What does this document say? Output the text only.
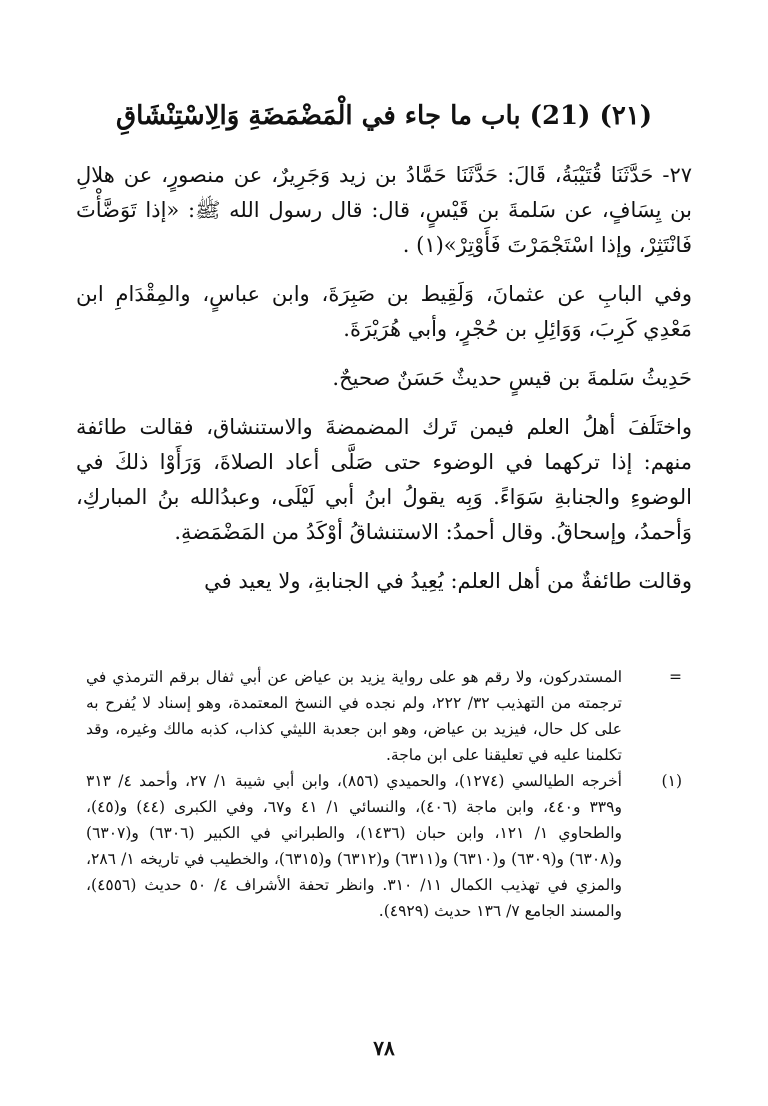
(٢١) (21) باب ما جاء في الْمَضْمَضَةِ وَالِاسْتِنْشَاقِ

٢٧- حَدَّثَنَا قُتَيْبَةُ، قَالَ: حَدَّثَنَا حَمَّادُ بن زيد وَجَرِيرٌ، عن منصورٍ، عن هلالِ بن يِسَافٍ، عن سَلمةَ بن قَيْسٍ، قال: قال رسول الله ﷺ: «إذا تَوَضَّأْتَ فَانْتَثِرْ، وإذا اسْتَجْمَرْتَ فَأَوْتِرْ»(١) .

وفي البابِ عن عثمانَ، وَلَقِيط بن صَبِرَةَ، وابن عباسٍ، والمِقْدَامِ ابن مَعْدِي كَرِبَ، وَوَائِلِ بن حُجْرٍ، وأبي هُرَيْرَةَ.

حَدِيثُ سَلمةَ بن قيسٍ حديثٌ حَسَنٌ صحيحٌ.

واختَلَفَ أهلُ العلم فيمن تَرك المضمضةَ والاستنشاق، فقالت طائفة منهم: إذا تركهما في الوضوء حتى صَلَّى أعاد الصلاةَ، وَرَأَوْا ذلكَ في الوضوءِ والجنابةِ سَوَاءً. وَبِه يقولُ ابنُ أبي لَيْلَى، وعبدُالله بنُ المباركِ، وَأحمدُ، وإسحاقُ. وقال أحمدُ: الاستنشاقُ أوْكَدُ من المَضْمَضةِ.

وقالت طائفةٌ من أهل العلم: يُعِيدُ في الجنابةِ، ولا يعيد في

=
المستدركون، ولا رقم هو على رواية يزيد بن عياض عن أبي ثفال برقم الترمذي في ترجمته من التهذيب ٣٢/ ٢٢٢، ولم نجده في النسخ المعتمدة، وهو إسناد لا يُفرح به على كل حال، فيزيد بن عياض، وهو ابن جعدبة الليثي كذاب، كذبه مالك وغيره، وقد تكلمنا عليه في تعليقنا على ابن ماجة.
(١)
أخرجه الطيالسي (١٢٧٤)، والحميدي (٨٥٦)، وابن أبي شيبة ١/ ٢٧، وأحمد ٤/ ٣١٣ و٣٣٩ و٤٤٠، وابن ماجة (٤٠٦)، والنسائي ١/ ٤١ و٦٧، وفي الكبرى (٤٤) و(٤٥)، والطحاوي ١/ ١٢١، وابن حبان (١٤٣٦)، والطبراني في الكبير (٦٣٠٦) و(٦٣٠٧) و(٦٣٠٨) و(٦٣٠٩) و(٦٣١٠) و(٦٣١١) و(٦٣١٢) و(٦٣١٥)، والخطيب في تاريخه ١/ ٢٨٦، والمزي في تهذيب الكمال ١١/ ٣١٠. وانظر تحفة الأشراف ٤/ ٥٠ حديث (٤٥٥٦)، والمسند الجامع ٧/ ١٣٦ حديث (٤٩٢٩).
٧٨
